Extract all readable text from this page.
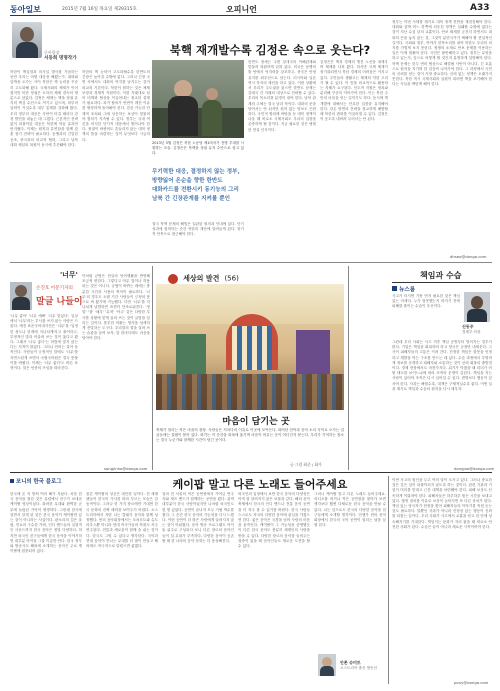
동아일보	2015년 7월 16일 목요일 제29315호	오피니언	A33
동아광장
서동희 명명작가
북핵 재개발수록 김정은 속으로 웃는다?
북한이 핵실험과 미사일 발사를 거듭하는 동안 우리는 어떤 대응을 해왔는가. 대화와 압박을 오가는 사이 북한은 핵 능력을 꾸준히 고도화해 왔다. 국제사회의 제재가 이어졌지만 북한 정권은 오히려 체제 결속의 명분으로 삼았다. 김정은 체제는 핵을 정권 유지의 핵심 수단으로 여기고 있으며, 외부의 압력이 커질수록 내부 통제를 강화해 왔다. 우리 정부의 대응은 사안이 터질 때마다 강경 발언을 내놓는 데 그쳤다. 근본적인 전략 없이 되풀이된 대응은 북한에 학습 효과만 안겨줬다. 이제는 원칙과 유연함을 함께 갖춘 장기 전략이 필요하다. 동맹과의 긴밀한 공조, 중국과의 외교적 협력, 그리고 남북 대화 채널의 복원이 동시에 추진돼야 한다.
북한의 핵 능력이 고도화될수록 한반도의 긴장은 높아질 수밖에 없다. 그러나 긴장 국면 속에서도 대화의 여지를 남겨두는 것이 외교의 기본이다. 북한이 원하는 것은 체제 보장과 경제적 지원이다. 이를 지렛대로 삼아 비핵화 협상을 이끌어내는 정교한 설계가 필요하다. 과거 합의가 번번이 깨진 이유를 냉정하게 돌아봐야 한다. 검증 가능한 단계적 조치와 그에 상응하는 보상이 맞물려야 합의가 지속될 수 있다. 정부는 국내 여론을 의식한 단기적 대응에서 벗어나야 한다. 정권이 바뀌어도 흔들리지 않는 대북 정책의 틀을 마련하는 것이 무엇보다 시급하다.
2013년 3월 김정은 북한 노동당 제1비서가 전방 부대를 시찰하는 모습. 김정은은 북핵을 정권 유지 수단으로 삼고 있다.
무기력한 대응, 결정하지 않는 정부,
방향잃어 온순을 향한 한반도
대화카드를 전환시키 동기능의 그리
남북 간 긴장관계를 지켜볼 뿐인
결국 북핵 문제의 해법은 일관된 원칙과 인내에 있다. 단기 성과에 집착하는 순간 북한의 계산에 말려들게 된다. 장기적 안목으로 접근해야 한다.
한반도 정세는 주변 강대국의 이해관계와 맞물려 복잡하게 얽혀 있다. 미국은 동맹의 틀 안에서 억지력을 강조하고, 중국은 안정 유지를 최우선으로 삼는다. 러시아와 일본 역시 각자의 계산을 하고 있다. 이런 상황에서 우리가 주도권을 잃으면 한반도 문제는 강대국 간 거래의 대상으로 전락할 수 있다. 우리의 목소리를 분명히 내야 한다. 남북 관계의 주체는 결국 남과 북이다. 대화의 문을 닫아서는 안 되지만 원칙 없는 양보도 곤란하다. 국민적 합의에 바탕을 둔 대북 정책이 나올 때 비로소 국제사회도 우리의 입장을 존중하게 될 것이다. 지금 필요한 것은 냉철한 현실 인식이다.
김정은은 핵과 경제의 병진 노선을 내세우며 체제를 다져 왔다. 하지만 국제 제재가 장기화되면서 북한 경제의 어려움은 커지고 있다. 주민들의 생활고는 체제의 약한 고리가 될 수 있다. 이 틈을 외교적으로 활용하는 지혜가 요구된다. 인도적 지원은 정치와 분리해 꾸준히 이어가야 한다. 이는 북한 주민의 마음을 얻는 길이기도 하다. 동시에 핵 개발에 대해서는 단호한 입장을 유지해야 한다. 강온 양면의 전략을 정교하게 배합할 때 북한의 변화를 이끌어낼 수 있다. 김정은이 웃도록 내버려 두어서는 안 된다.
정부는 이번 사태를 계기로 대북 정책 전반을 재점검해야 한다. 대화와 압박 어느 한쪽에 치우친 정책은 실패할 수밖에 없다는 것이 지난 수십 년의 교훈이다. 안보 태세를 굳건히 하면서도 대화의 끈을 놓지 않는 것, 그것이 분단국가가 택해야 할 현실적인 길이다. 국회와 정부, 여야가 한목소리를 내야 북한도 우리의 의지를 가볍게 보지 못한다. 정쟁의 소재로 안보 문제를 이용하는 일은 이제 멈춰야 한다. 국민은 불안해하고 있다. 정부는 무엇을 하고 있는지, 앞으로 어떻게 할 것인지 분명하게 설명해야 한다. 북핵 문제는 한두 번의 협상으로 해결될 사안이 아니다. 긴 호흡으로 원칙을 지키며 한 걸음씩 나아가야 한다. 그 과정에서 국민의 신뢰를 얻는 것이 가장 중요하다. 신뢰 없는 정책은 오래가지 못한다. 북한 역시 국제사회의 일원이 되려면 핵을 포기해야 한다는 사실을 깨닫게 해야 한다.
dhseo@donga.com
'너무'
손진호 어문기자의
말글 나들이
'너무 좋아' '너무 예뻐' '너무 맛있다'. 일상에서 '너무'라는 부사를 쓰지 않는 사람은 드물다. 예전 표준국어대사전은 '너무'를 '일정한 정도나 한계에 지나치게'라고 풀이하고, 부정적인 말과 어울려 쓰는 것이 옳다고 봤다. 그래서 '너무 좋다'는 어법에 맞지 않는다는 지적이 많았다. 그러나 언어는 살아 움직인다. 사람들이 긍정적인 말에도 '너무'를 자연스럽게 쓰면서 국립국어원은 결국 뜻풀이를 바꿨다. 이제는 '너무 좋다'도 바른 표현이다. 말은 언중의 쓰임을 따라간다.
이처럼 규범은 현실의 언어생활을 반영해 조금씩 변한다. 그렇다고 아무 말이나 허용되는 것은 아니다. 규범이 바뀌는 데에는 충분한 시간과 사용의 축적이 필요하다. '너무'의 경우도 오랜 기간 사람들이 긍정의 뜻으로 써 왔기에 가능했다. 다만 '너무'를 지나치게 남발하면 표현이 단조로워진다. '정말' '참' '매우' '무척' '아주' 같은 다양한 부사를 상황에 맞게 골라 쓰는 것이 글맛을 살리는 길이다. 풍부한 어휘는 생각을 섬세하게 전달하는 도구다. 우리말의 결을 살려 쓰는 습관을 들여 보자. 말 한마디에도 마음을 담아야 한다.
songjinho@donga.com
세상의 발견 (56)
마음이 담기는 곳
축제가 열리는 작은 마을의 광장. 사람들은 저마다의 이유로 이곳에 모여든다. 화려한 천막과 음악 소리 사이로 오가는 얼굴들에는 설렘이 묻어 있다. 화가는 이 순간을 화폭에 옮기며 마음이 머무는 곳이 어디인지 묻는다. 우리가 기억하는 장소는 결국 누군가와 함께한 시간이 담긴 곳이다.
글·그림 최준 / 화가
책임과 수습
뉴스룸
신동주
경제부 차장
사고가 터지면 가장 먼저 필요한 것은 책임 있는 자세다. 누가 잘못했는지 따지기 전에 피해를 줄이는 수습이 우선이다.
그런데 우리 사회는 사고 직후 책임 공방부터 벌어지는 경우가 많다. 기업은 책임을 회피하려 하고 당국은 규정만 내세운다. 그 사이 피해자들의 고통은 커져 간다. 진정한 책임은 잘못을 인정하고 재발을 막는 구조를 만드는 데 있다. 수습 과정에서 투명하게 정보를 공개하고 피해자와 소통하는 것이 신뢰 회복의 출발점이다. 경제 현장에서도 마찬가지다. 위기가 닥쳤을 때 리더가 어떤 태도를 보이느냐에 따라 조직의 운명이 갈린다. 책임을 지는 사람이 있어야 조직은 다시 일어설 수 있다. 변명보다 행동이 앞서야 한다. 사과는 빠를수록, 대책은 구체적일수록 좋다. 이번 일을 계기로 책임과 수습의 원칙을 다시 세우자.
dongjoo@donga.com
포니의 한국 블로그	케이팝 말고 다른 노래도 들어주세요
한국에 온 지 벌써 여러 해가 지났다. 처음 한국 음악을 접한 것은 유럽에서 친구가 보내준 케이팝 영상이었다. 화려한 무대와 완벽한 군무에 놀랐던 기억이 생생하다. 그런데 한국에 살면서 알게 된 것은 한국 음악이 케이팝만 있는 것이 아니라는 사실이다. 판소리의 깊은 울림, 민요의 구수한 가락, 인디 밴드들의 실험적인 사운드까지 한국 음악은 정말 다양하다. 하지만 외국인 친구들에게 한국 음악을 이야기하면 대부분 아이돌 그룹 이름만 안다. 한국 정부와 방송사도 해외에 소개하는 음악은 주로 케이팝에 집중되어 있다.
물론 케이팝의 성공은 대단한 일이다. 전 세계 팬들이 한국어 가사를 따라 부르는 모습은 감동적이다. 그러나 한 가지 장르에만 기대면 한국 문화의 진짜 매력을 보여주기 어렵다. 오스트리아에서 자란 나는 클래식 음악과 함께 성장했다. 빈의 음악회장에서는 모차르트와 슈트라우스뿐 아니라 현대 작곡가들의 작품도 자주 연주된다. 전통과 새로움이 함께 숨 쉬는 것이다. 한국도 그럴 수 있다고 생각한다. 국악과 현대 음악이 만나는 무대를 더 많이 만들고 해외에도 적극적으로 알렸으면 좋겠다.
얼마 전 서울의 작은 공연장에서 가야금 연주자와 재즈 밴드가 함께하는 공연을 봤다. 관객 대부분이 한국 사람이었지만 나처럼 외국인도 몇 명 있었다. 공연이 끝나자 모두 기립 박수를 쳤다. 그 순간 한국 음악의 가능성을 다시 느꼈다. 이런 공연이 더 많은 사람에게 알려지지 않는 것이 아쉬웠다. 음악 방송 프로그램도 아이돌 위주로 구성되다 보니 다른 장르의 음악인들이 설 무대가 부족하다. 다양한 음악이 공존할 때 한 나라의 음악 문화는 더 풍성해진다.
외국인의 입장에서 보면 한국 음악의 다양성은 아직 잘 알려지지 않은 보물과 같다. 해외 음악 축제에서 한국의 인디 밴드나 전통 음악 공연을 더 자주 볼 수 있기를 바란다. 한국 사람들 스스로도 자국의 다양한 음악에 관심을 가졌으면 한다. 좋은 음악은 국경을 넘어 사람의 마음을 움직인다. 케이팝이 그 가능성을 증명했듯이 다른 한국 음악도 충분히 세계인의 사랑을 받을 수 있다. 다양한 장르의 음악을 들어주는 청중이 있을 때 음악인들도 새로운 도전을 할 수 있다.
그러니 케이팝 말고 다른 노래도 들어주세요. 라디오를 켜거나 작은 공연장을 찾아가 보면 생각보다 훨씬 다채로운 한국 음악을 만날 수 있다. 나는 앞으로도 한국의 다양한 음악을 친구들에게 소개할 생각이다. 언젠가 빈의 음악회장에서 한국의 국악 공연이 열리는 날을 꿈꿔 본다.
안톤 슈미트
오스트리아 출신 방송인
이번 사고의 원인을 두고 여러 말이 오가고 있다. 그러나 중요한 것은 같은 일이 되풀이되지 않도록 하는 것이다. 관련 기관과 기업이 머리를 맞대고 근본 대책을 마련해야 한다. 피해 보상도 신속하게 이뤄져야 한다. 피해자들은 하루하루 힘든 시간을 보내고 있다. 행정 절차를 이유로 보상이 늦어지면 또 다른 상처가 된다. 책임 있는 당국자가 현장을 찾아 피해자들의 이야기를 직접 듣는 것도 필요하다. 말뿐인 사과가 아니라 진정성 있는 행동이 신뢰를 되찾는 길이다. 우리 사회가 사고에서 교훈을 얻고 한 단계 성숙해지기를 기대한다. 책임지는 문화가 자리 잡을 때 비로소 안전한 사회가 된다. 수습은 끝이 아니라 새로운 시작이어야 한다.
pony@donga.com
